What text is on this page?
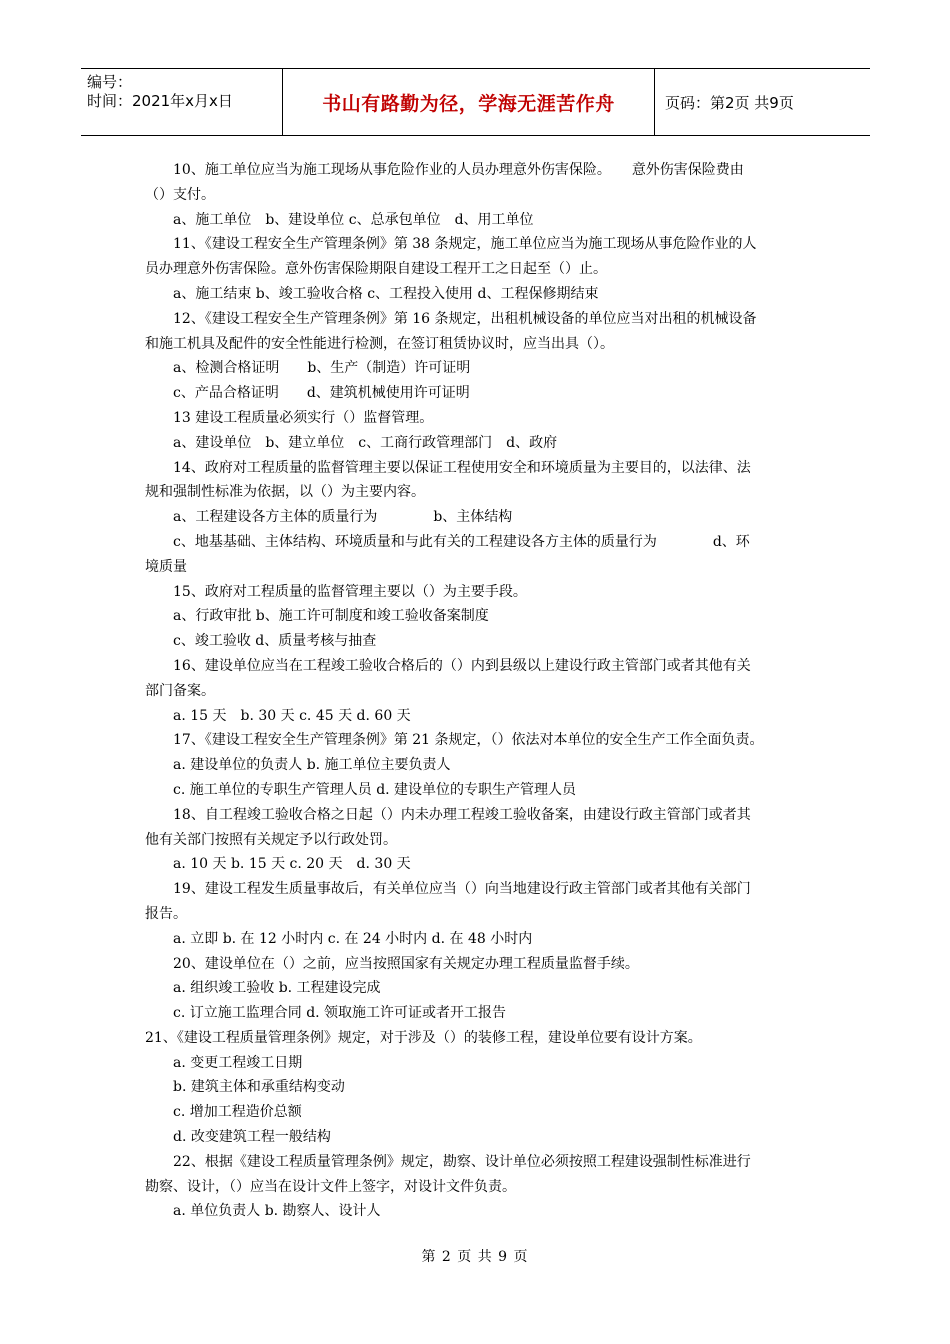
编号：
时间：2021年x月x日	书山有路勤为径，学海无涯苦作舟	页码：第2页 共9页
10、施工单位应当为施工现场从事危险作业的人员办理意外伤害保险。　　意外伤害保险费由
（）支付。
a、施工单位　b、建设单位 c、总承包单位　d、用工单位
11、《建设工程安全生产管理条例》第 38 条规定，施工单位应当为施工现场从事危险作业的人
员办理意外伤害保险。意外伤害保险期限自建设工程开工之日起至（）止。
a、施工结束 b、竣工验收合格 c、工程投入使用 d、工程保修期结束
12、《建设工程安全生产管理条例》第 16 条规定，出租机械设备的单位应当对出租的机械设备
和施工机具及配件的安全性能进行检测，在签订租赁协议时，应当出具（）。
a、检测合格证明　　b、生产（制造）许可证明
c、产品合格证明　　d、建筑机械使用许可证明
13 建设工程质量必须实行（）监督管理。
a、建设单位　b、建立单位　c、工商行政管理部门　d、政府
14、政府对工程质量的监督管理主要以保证工程使用安全和环境质量为主要目的，以法律、法
规和强制性标准为依据，以（）为主要内容。
a、工程建设各方主体的质量行为　　　　b、主体结构
c、地基基础、主体结构、环境质量和与此有关的工程建设各方主体的质量行为　　　　d、环
境质量
15、政府对工程质量的监督管理主要以（）为主要手段。
a、行政审批 b、施工许可制度和竣工验收备案制度
c、竣工验收 d、质量考核与抽查
16、建设单位应当在工程竣工验收合格后的（）内到县级以上建设行政主管部门或者其他有关
部门备案。
a. 15 天　b. 30 天 c. 45 天 d. 60 天
17、《建设工程安全生产管理条例》第 21 条规定，（）依法对本单位的安全生产工作全面负责。
a. 建设单位的负责人 b. 施工单位主要负责人
c. 施工单位的专职生产管理人员 d. 建设单位的专职生产管理人员
18、自工程竣工验收合格之日起（）内未办理工程竣工验收备案，由建设行政主管部门或者其
他有关部门按照有关规定予以行政处罚。
a. 10 天 b. 15 天 c. 20 天　d. 30 天
19、建设工程发生质量事故后，有关单位应当（）向当地建设行政主管部门或者其他有关部门
报告。
a. 立即 b. 在 12 小时内 c. 在 24 小时内 d. 在 48 小时内
20、建设单位在（）之前，应当按照国家有关规定办理工程质量监督手续。
a. 组织竣工验收 b. 工程建设完成
c. 订立施工监理合同 d. 领取施工许可证或者开工报告
21、《建设工程质量管理条例》规定，对于涉及（）的装修工程，建设单位要有设计方案。
a. 变更工程竣工日期
b. 建筑主体和承重结构变动
c. 增加工程造价总额
d. 改变建筑工程一般结构
22、根据《建设工程质量管理条例》规定，勘察、设计单位必须按照工程建设强制性标准进行
勘察、设计，（）应当在设计文件上签字，对设计文件负责。
a. 单位负责人 b. 勘察人、设计人
第 2 页 共 9 页
